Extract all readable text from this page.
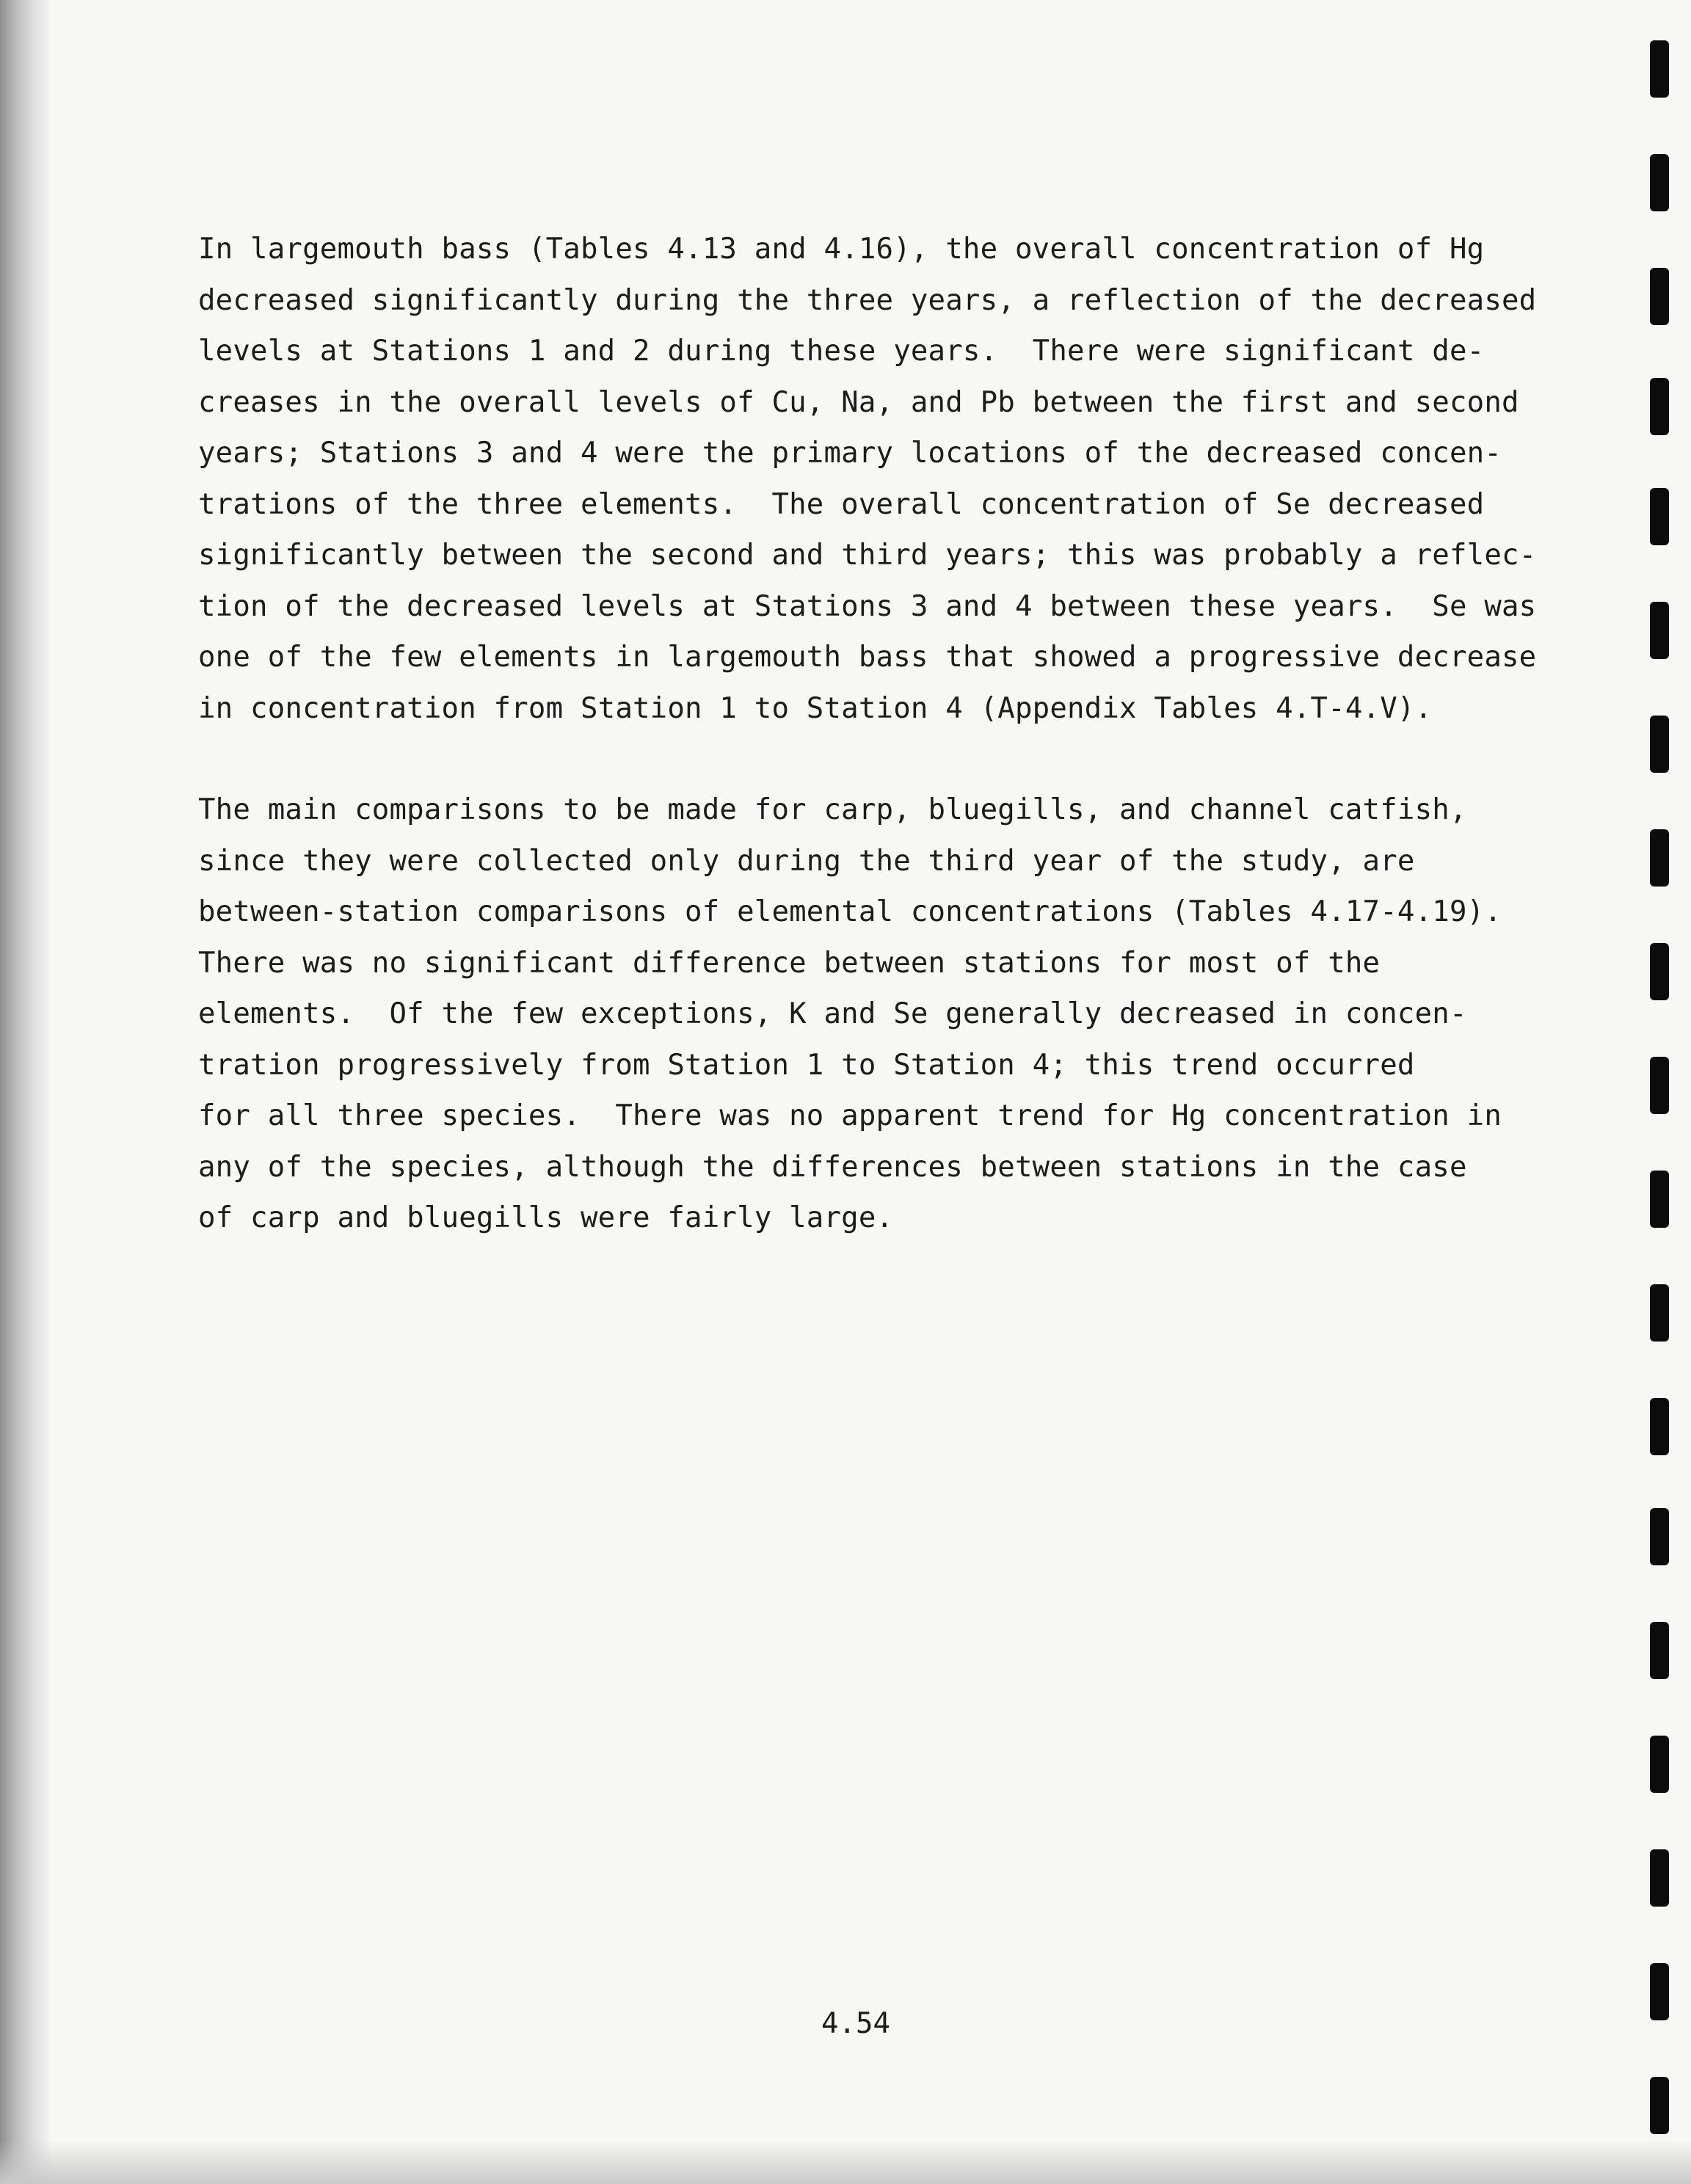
In largemouth bass (Tables 4.13 and 4.16), the overall concentration of Hg
decreased significantly during the three years, a reflection of the decreased
levels at Stations 1 and 2 during these years.  There were significant de-
creases in the overall levels of Cu, Na, and Pb between the first and second
years; Stations 3 and 4 were the primary locations of the decreased concen-
trations of the three elements.  The overall concentration of Se decreased
significantly between the second and third years; this was probably a reflec-
tion of the decreased levels at Stations 3 and 4 between these years.  Se was
one of the few elements in largemouth bass that showed a progressive decrease
in concentration from Station 1 to Station 4 (Appendix Tables 4.T-4.V).
The main comparisons to be made for carp, bluegills, and channel catfish,
since they were collected only during the third year of the study, are
between-station comparisons of elemental concentrations (Tables 4.17-4.19).
There was no significant difference between stations for most of the
elements.  Of the few exceptions, K and Se generally decreased in concen-
tration progressively from Station 1 to Station 4; this trend occurred
for all three species.  There was no apparent trend for Hg concentration in
any of the species, although the differences between stations in the case
of carp and bluegills were fairly large.
4.54
